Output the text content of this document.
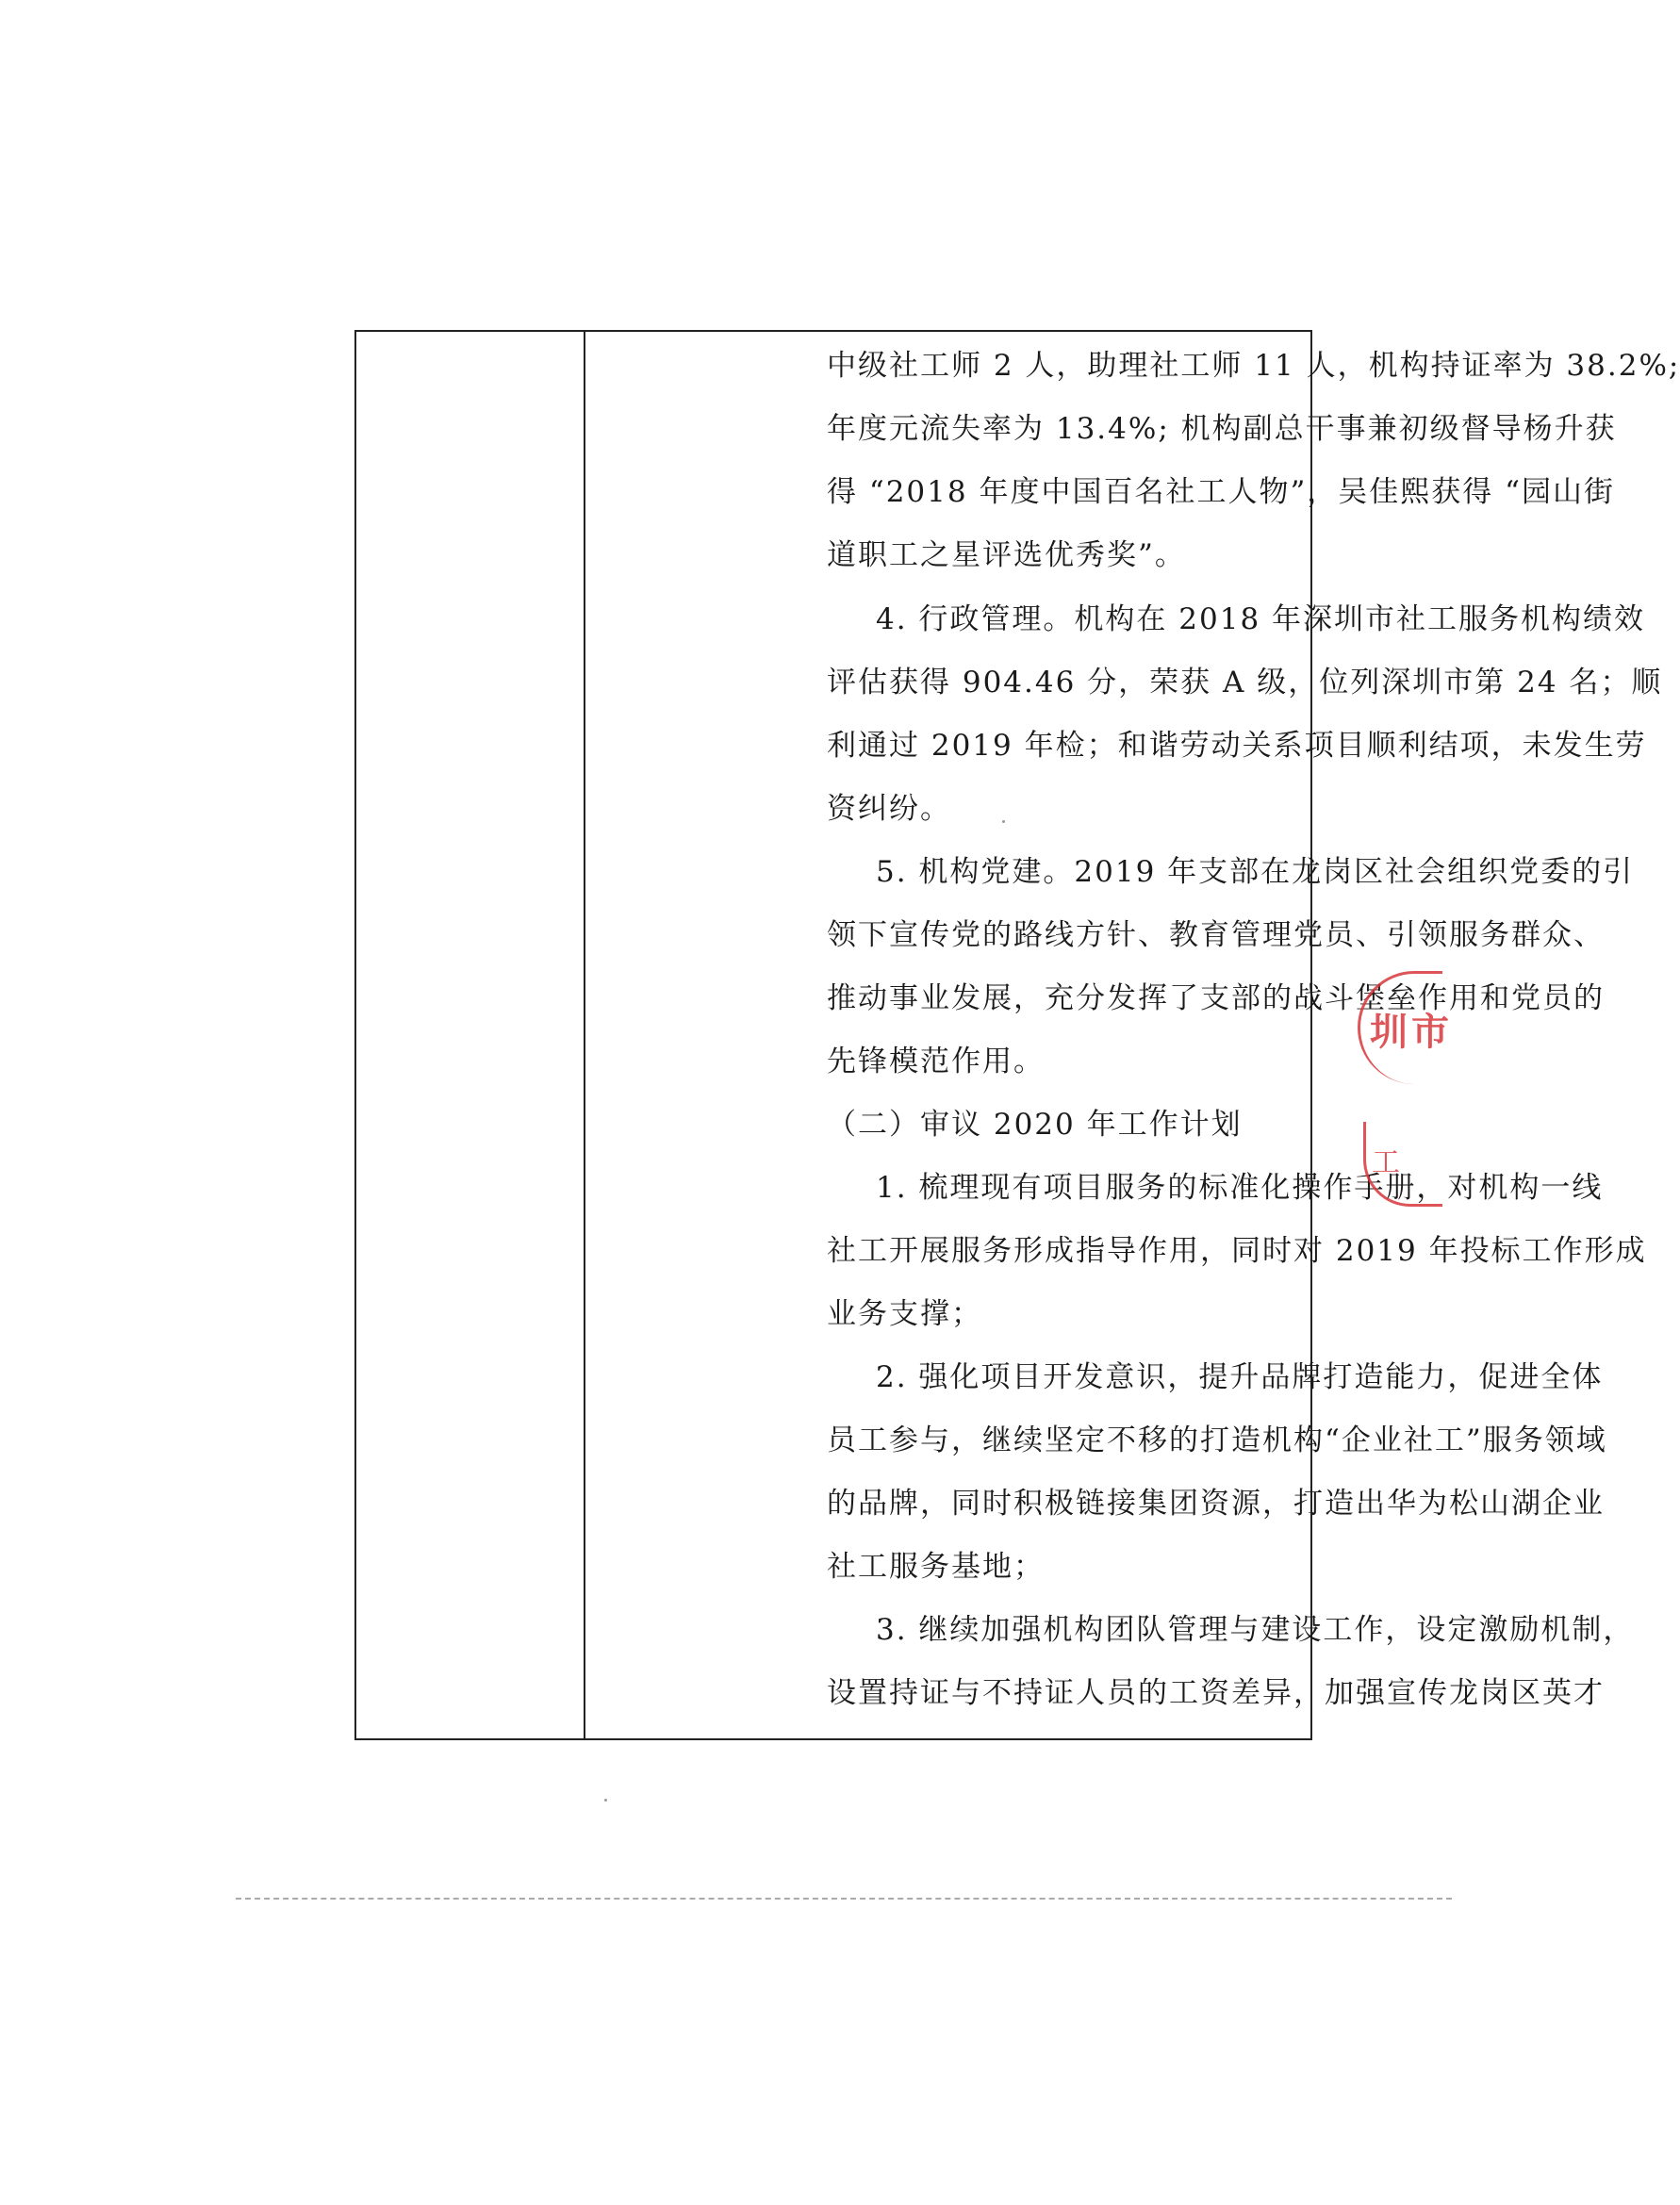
中级社工师 2 人，助理社工师 11 人，机构持证率为 38.2%;

年度元流失率为 13.4%; 机构副总干事兼初级督导杨升获

得 “2018 年度中国百名社工人物”，吴佳熙获得 “园山街

道职工之星评选优秀奖”。

4. 行政管理。机构在 2018 年深圳市社工服务机构绩效

评估获得 904.46 分，荣获 A 级，位列深圳市第 24 名；顺

利通过 2019 年检；和谐劳动关系项目顺利结项，未发生劳

资纠纷。

5. 机构党建。2019 年支部在龙岗区社会组织党委的引

领下宣传党的路线方针、教育管理党员、引领服务群众、

推动事业发展，充分发挥了支部的战斗堡垒作用和党员的

先锋模范作用。

（二）审议 2020 年工作计划

1. 梳理现有项目服务的标准化操作手册，对机构一线

社工开展服务形成指导作用，同时对 2019 年投标工作形成

业务支撑；

2. 强化项目开发意识，提升品牌打造能力，促进全体

员工参与，继续坚定不移的打造机构“企业社工”服务领域

的品牌，同时积极链接集团资源，打造出华为松山湖企业

社工服务基地；

3. 继续加强机构团队管理与建设工作，设定激励机制，

设置持证与不持证人员的工资差异，加强宣传龙岗区英才

圳市
工
